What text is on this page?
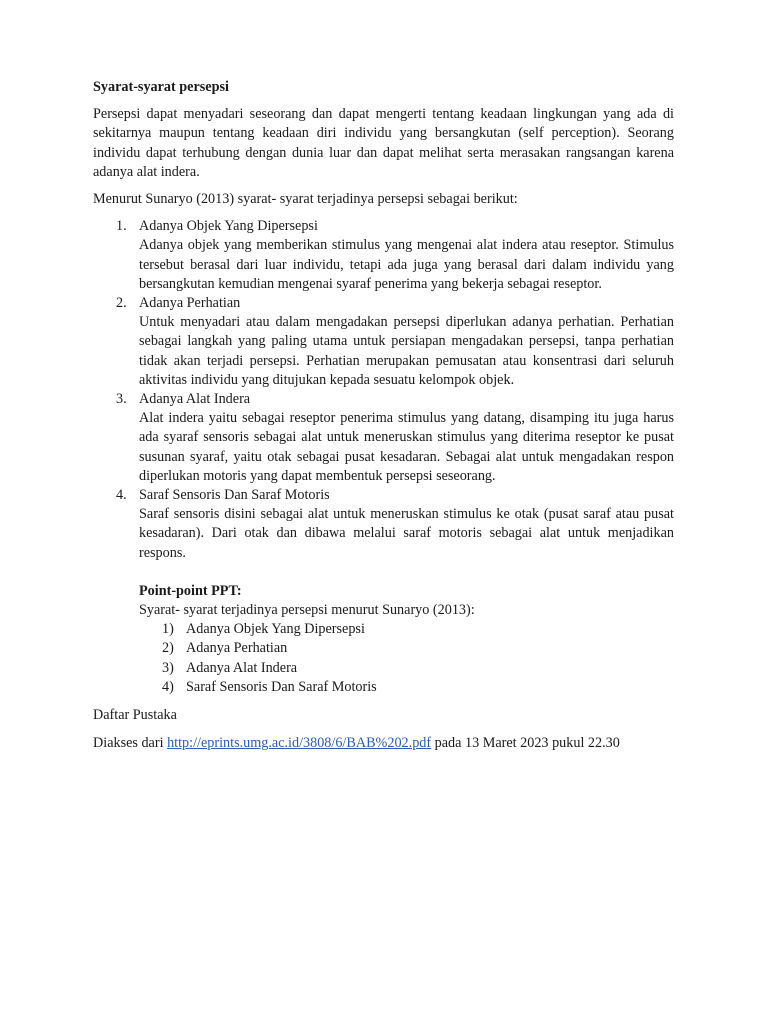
Syarat-syarat persepsi

Persepsi dapat menyadari seseorang dan dapat mengerti tentang keadaan lingkungan yang ada di sekitarnya maupun tentang keadaan diri individu yang bersangkutan (self perception). Seorang individu dapat terhubung dengan dunia luar dan dapat melihat serta merasakan rangsangan karena adanya alat indera.

Menurut Sunaryo (2013) syarat- syarat terjadinya persepsi sebagai berikut:

1. Adanya Objek Yang Dipersepsi
Adanya objek yang memberikan stimulus yang mengenai alat indera atau reseptor. Stimulus tersebut berasal dari luar individu, tetapi ada juga yang berasal dari dalam individu yang bersangkutan kemudian mengenai syaraf penerima yang bekerja sebagai reseptor.
2. Adanya Perhatian
Untuk menyadari atau dalam mengadakan persepsi diperlukan adanya perhatian. Perhatian sebagai langkah yang paling utama untuk persiapan mengadakan persepsi, tanpa perhatian tidak akan terjadi persepsi. Perhatian merupakan pemusatan atau konsentrasi dari seluruh aktivitas individu yang ditujukan kepada sesuatu kelompok objek.
3. Adanya Alat Indera
Alat indera yaitu sebagai reseptor penerima stimulus yang datang, disamping itu juga harus ada syaraf sensoris sebagai alat untuk meneruskan stimulus yang diterima reseptor ke pusat susunan syaraf, yaitu otak sebagai pusat kesadaran. Sebagai alat untuk mengadakan respon diperlukan motoris yang dapat membentuk persepsi seseorang.
4. Saraf Sensoris Dan Saraf Motoris
Saraf sensoris disini sebagai alat untuk meneruskan stimulus ke otak (pusat saraf atau pusat kesadaran). Dari otak dan dibawa melalui saraf motoris sebagai alat untuk menjadikan respons.
Point-point PPT:
Syarat- syarat terjadinya persepsi menurut Sunaryo (2013):
1) Adanya Objek Yang Dipersepsi
2) Adanya Perhatian
3) Adanya Alat Indera
4) Saraf Sensoris Dan Saraf Motoris
Daftar Pustaka
Diakses dari http://eprints.umg.ac.id/3808/6/BAB%202.pdf pada 13 Maret 2023 pukul 22.30
